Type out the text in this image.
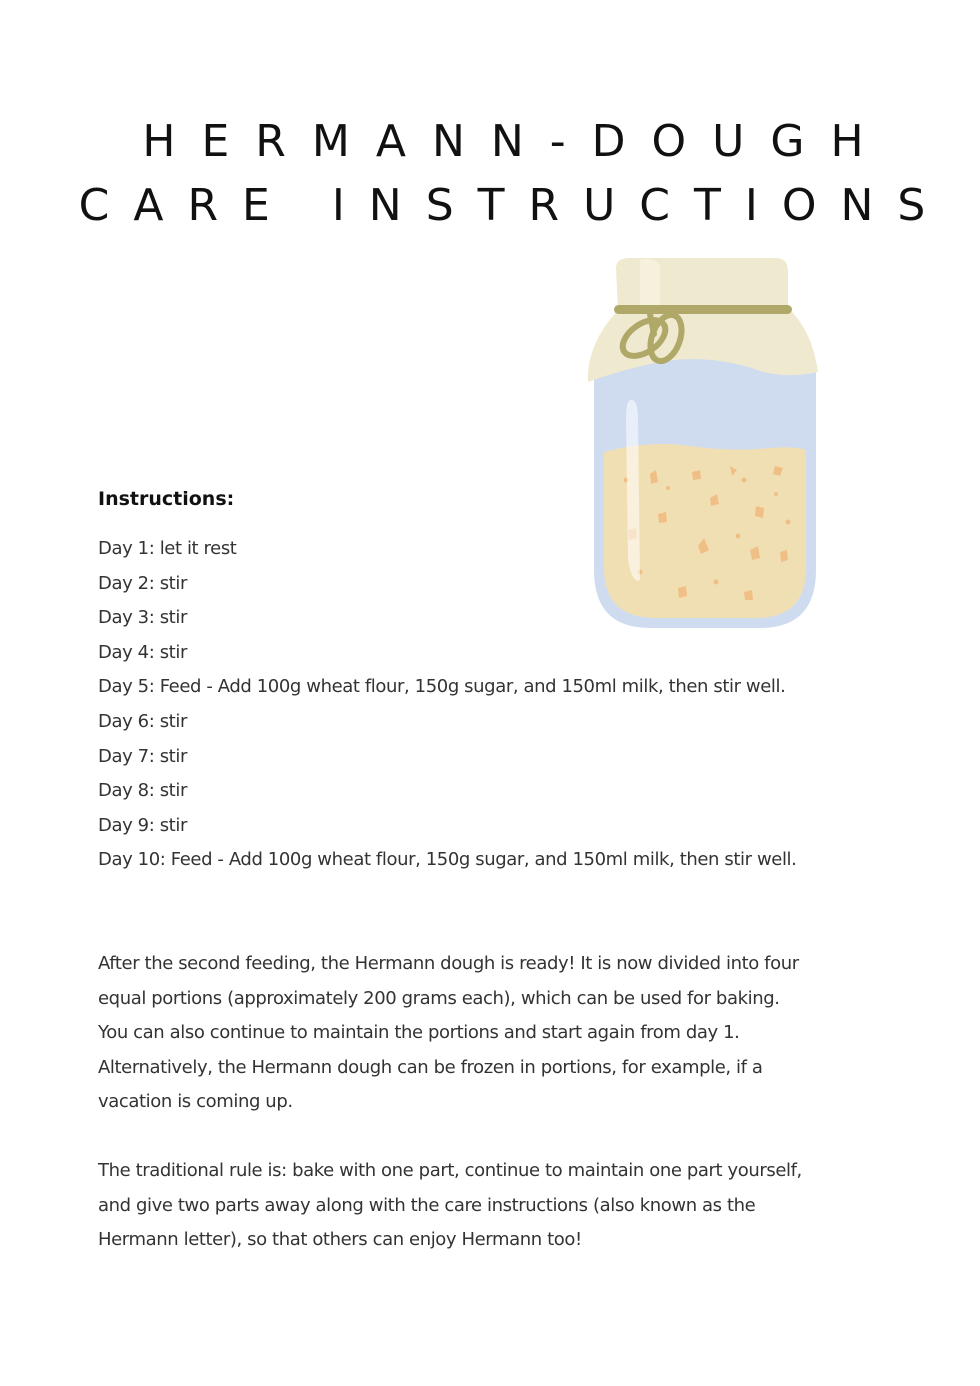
HERMANN-DOUGH
CARE INSTRUCTIONS
Instructions:
Day 1: let it rest
Day 2: stir
Day 3: stir
Day 4: stir
Day 5: Feed - Add 100g wheat flour, 150g sugar, and 150ml milk, then stir well.
Day 6: stir
Day 7: stir
Day 8: stir
Day 9: stir
Day 10: Feed - Add 100g wheat flour, 150g sugar, and 150ml milk, then stir well.

After the second feeding, the Hermann dough is ready! It is now divided into four
equal portions (approximately 200 grams each), which can be used for baking.
You can also continue to maintain the portions and start again from day 1.
Alternatively, the Hermann dough can be frozen in portions, for example, if a
vacation is coming up.

The traditional rule is: bake with one part, continue to maintain one part yourself,
and give two parts away along with the care instructions (also known as the
Hermann letter), so that others can enjoy Hermann too!
